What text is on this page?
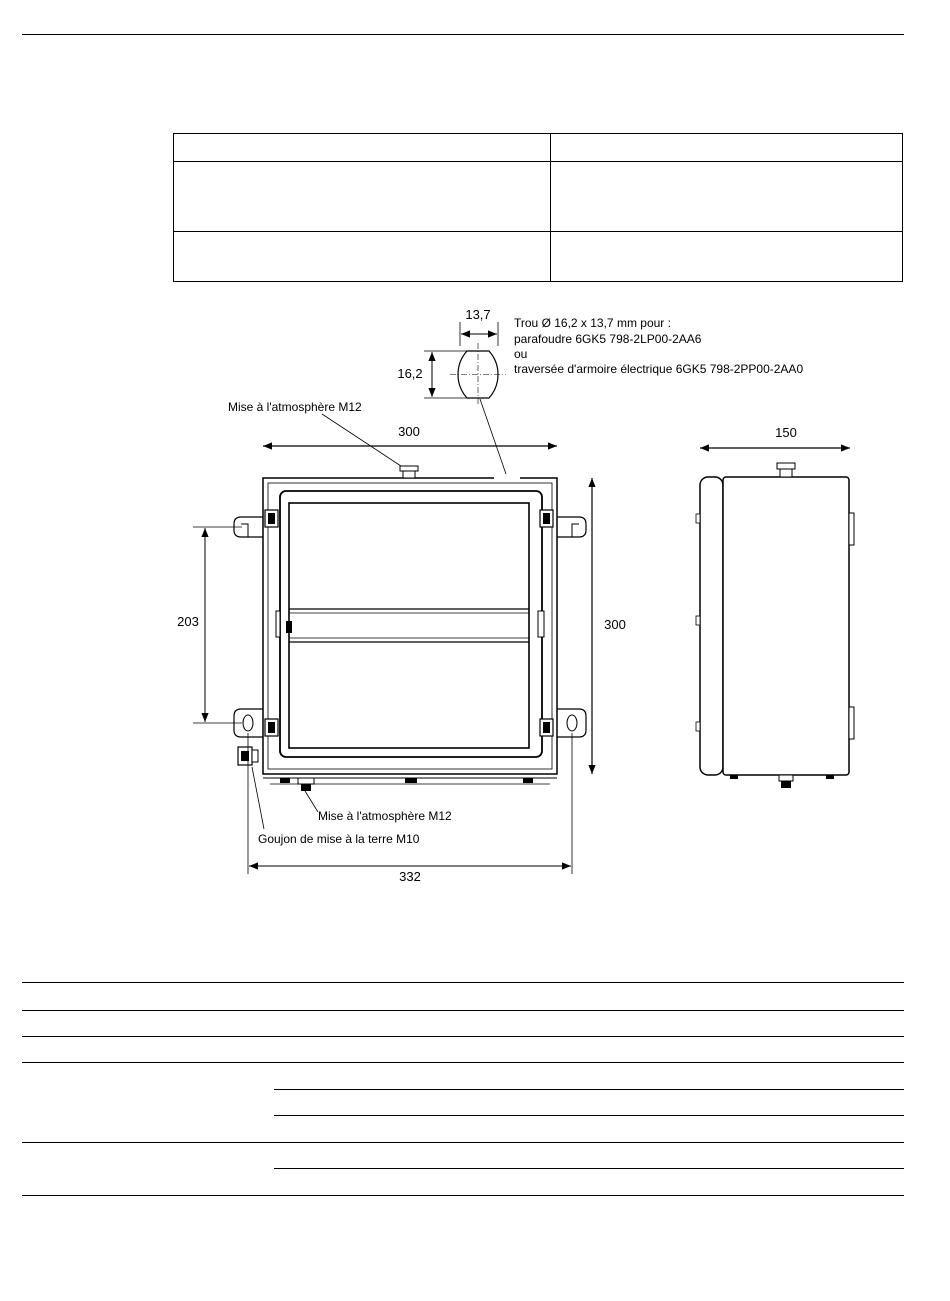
13,7
16,2
Trou Ø 16,2 x 13,7 mm pour :
parafoudre 6GK5 798-2LP00-2AA6
ou
traversée d'armoire électrique 6GK5 798-2PP00-2AA0
Mise à l'atmosphère M12
300
Mise à l'atmosphère M12
Goujon de mise à la terre M10
300
203
332
150
